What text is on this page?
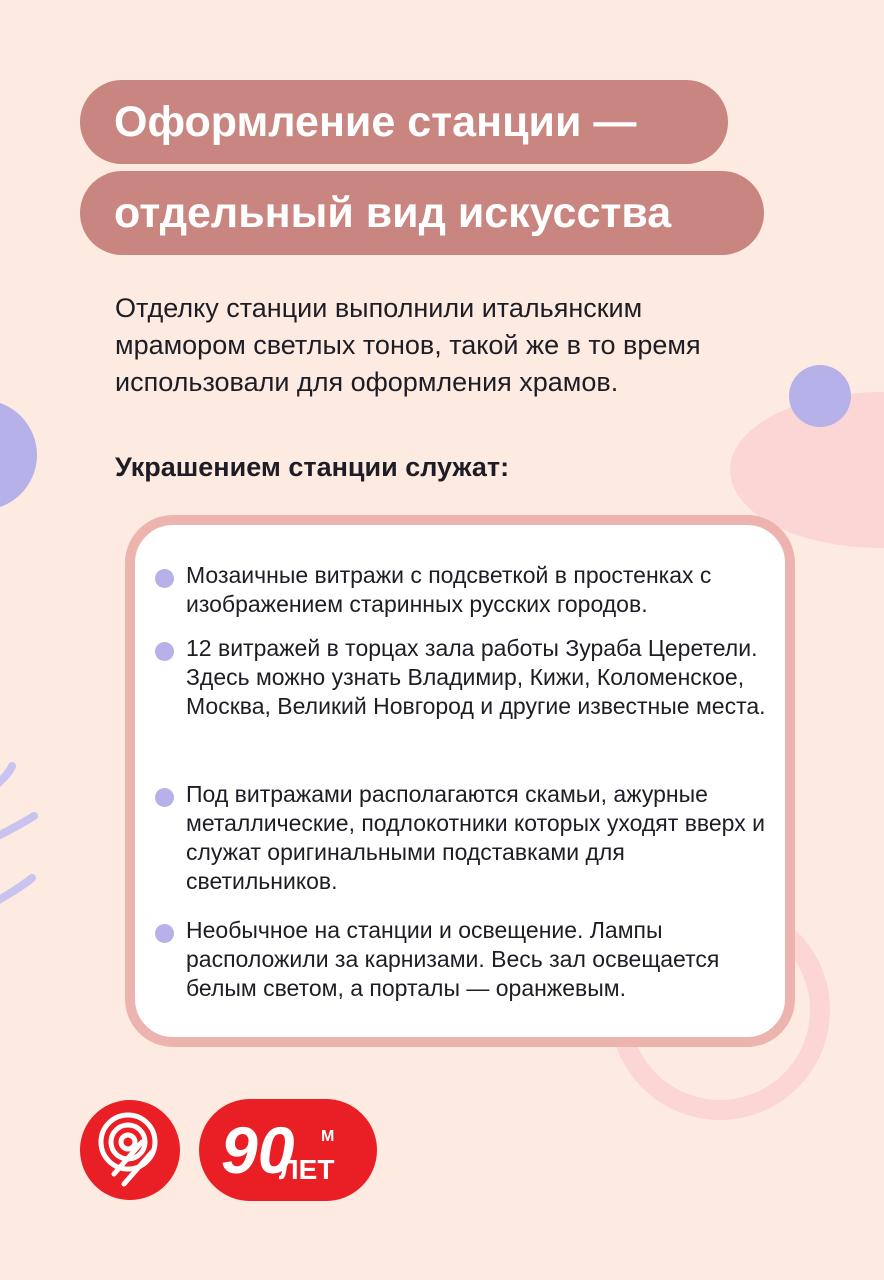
Оформление станции —
отдельный вид искусства

Отделку станции выполнили итальянским мрамором светлых тонов, такой же в то время использовали для оформления храмов.

Украшением станции служат:

Мозаичные витражи с подсветкой в простенках с изображением старинных русских городов.
12 витражей в торцах зала работы Зураба Церетели. Здесь можно узнать Владимир, Кижи, Коломенское, Москва, Великий Новгород и другие известные места.
Под витражами располагаются скамьи, ажурные металлические, подлокотники которых уходят вверх и служат оригинальными подставками для светильников.
Необычное на станции и освещение. Лампы расположили за карнизами. Весь зал освещается белым светом, а порталы — оранжевым.
90 М
ЛЕТ
